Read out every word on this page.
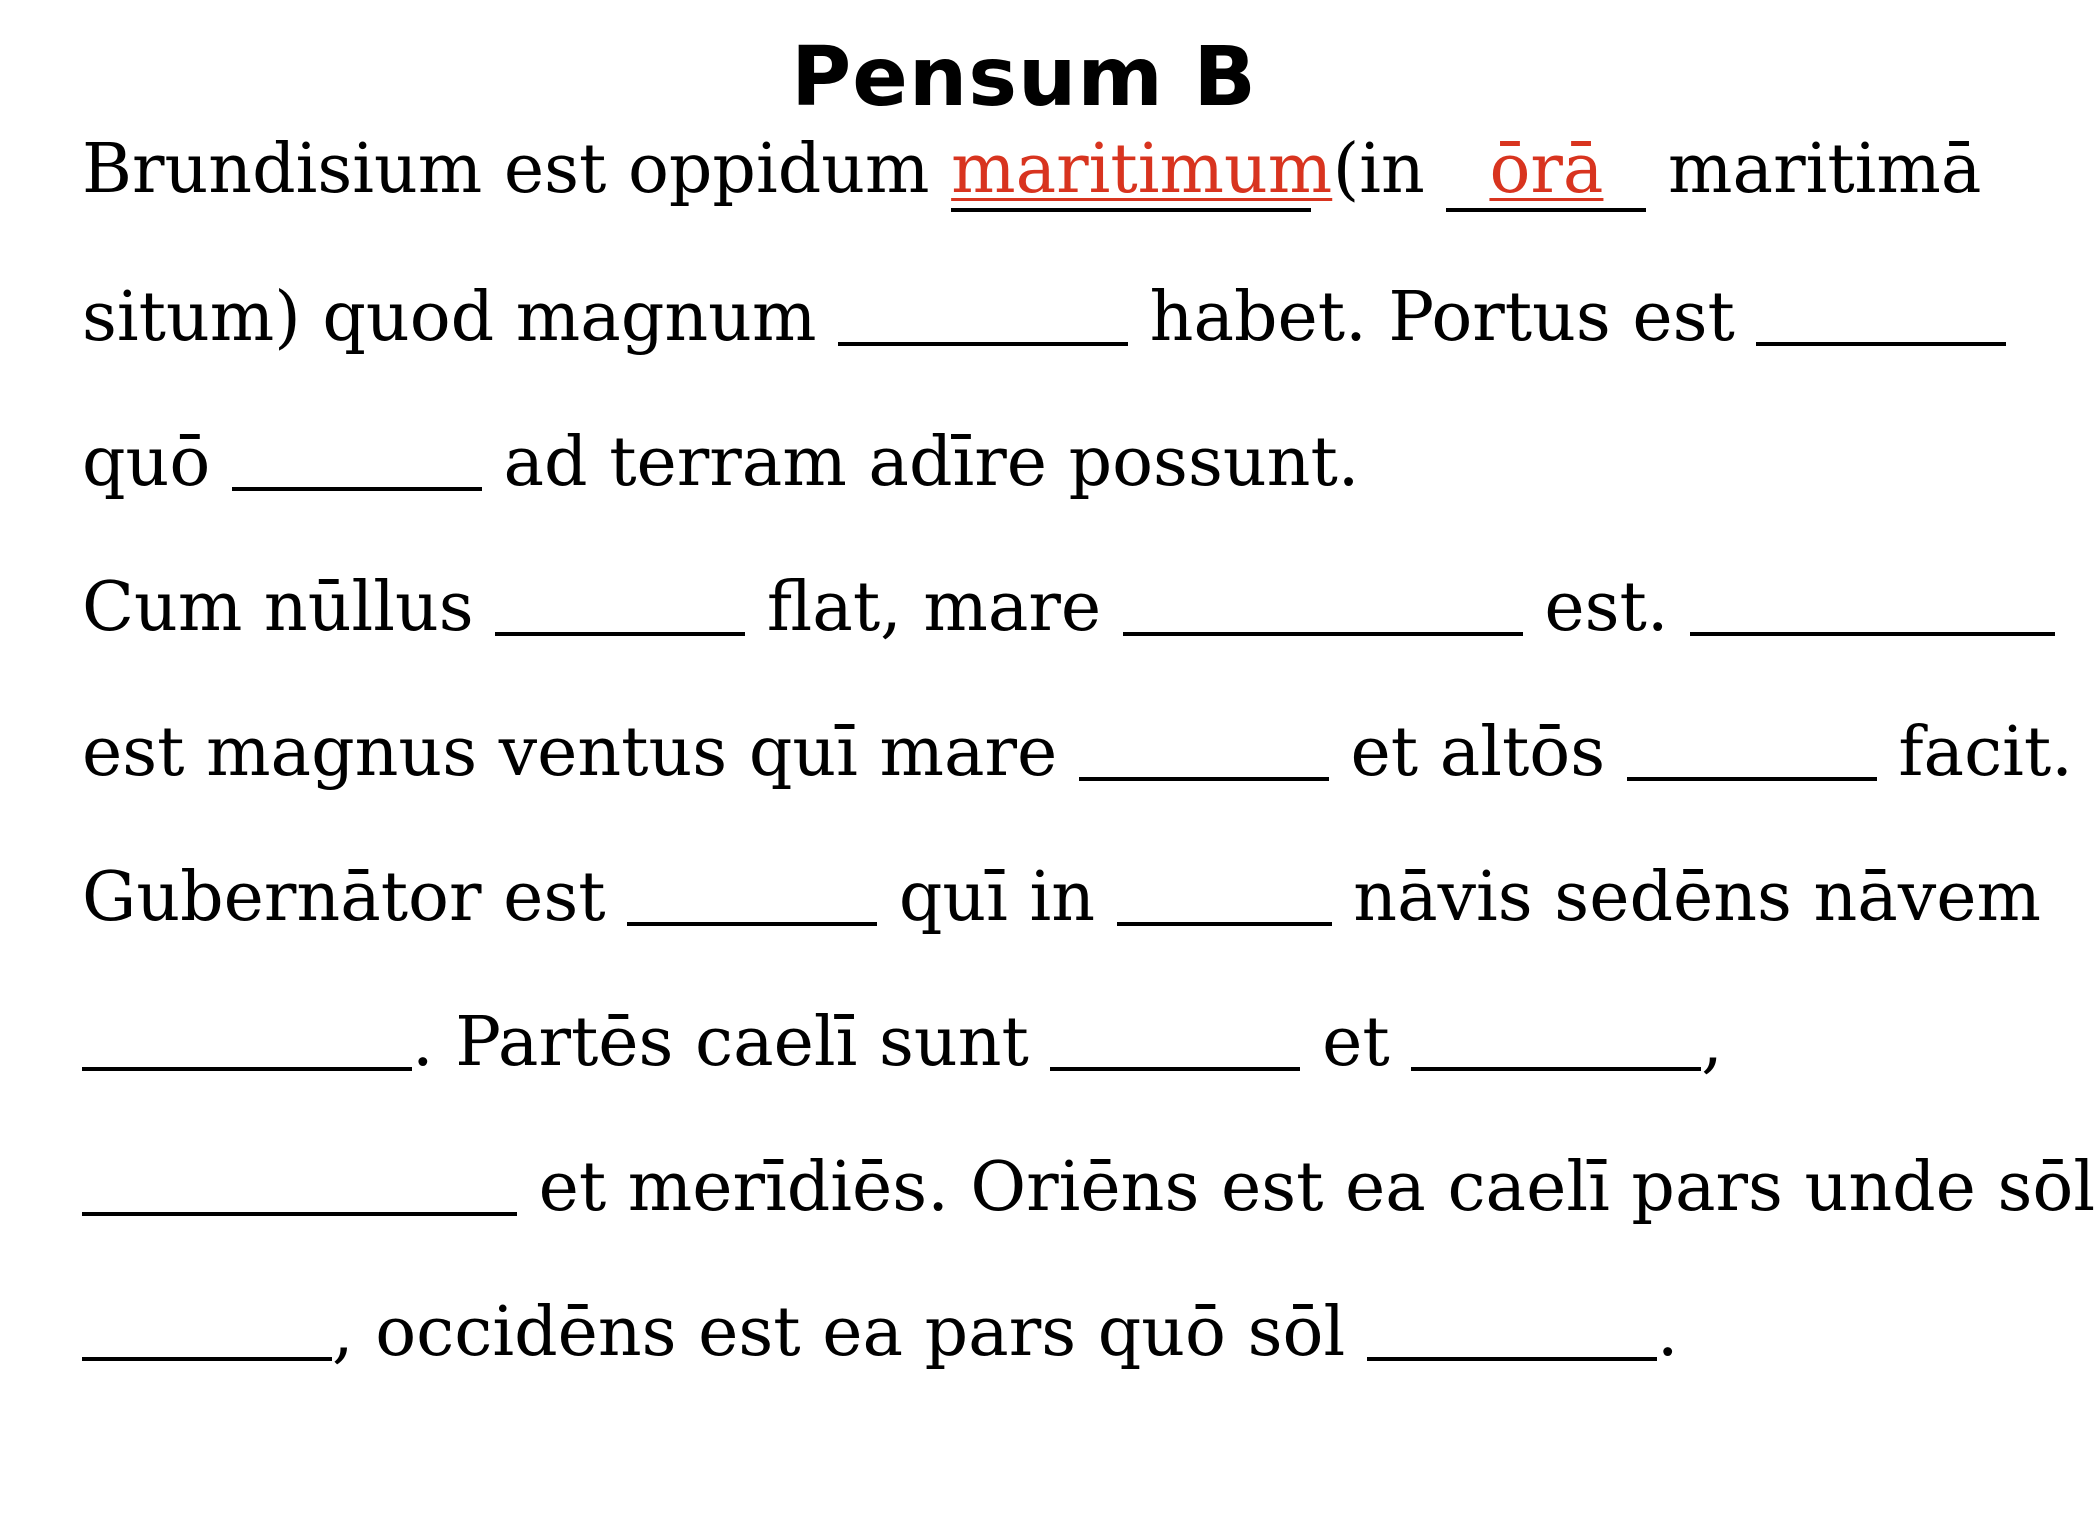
Pensum B
Brundisium est oppidum maritimum (in ōrā maritimā
situm) quod magnum	habet. Portus est
quō	ad terram adīre possunt.
Cum nūllus	flat, mare	est.
est magnus ventus quī mare	et altōs	facit.
Gubernātor est	quī in	nāvis sedēns nāvem
. Partēs caelī sunt	et	,
et merīdiēs. Oriēns est ea caelī pars unde sōl
, occidēns est ea pars quō sōl	.
